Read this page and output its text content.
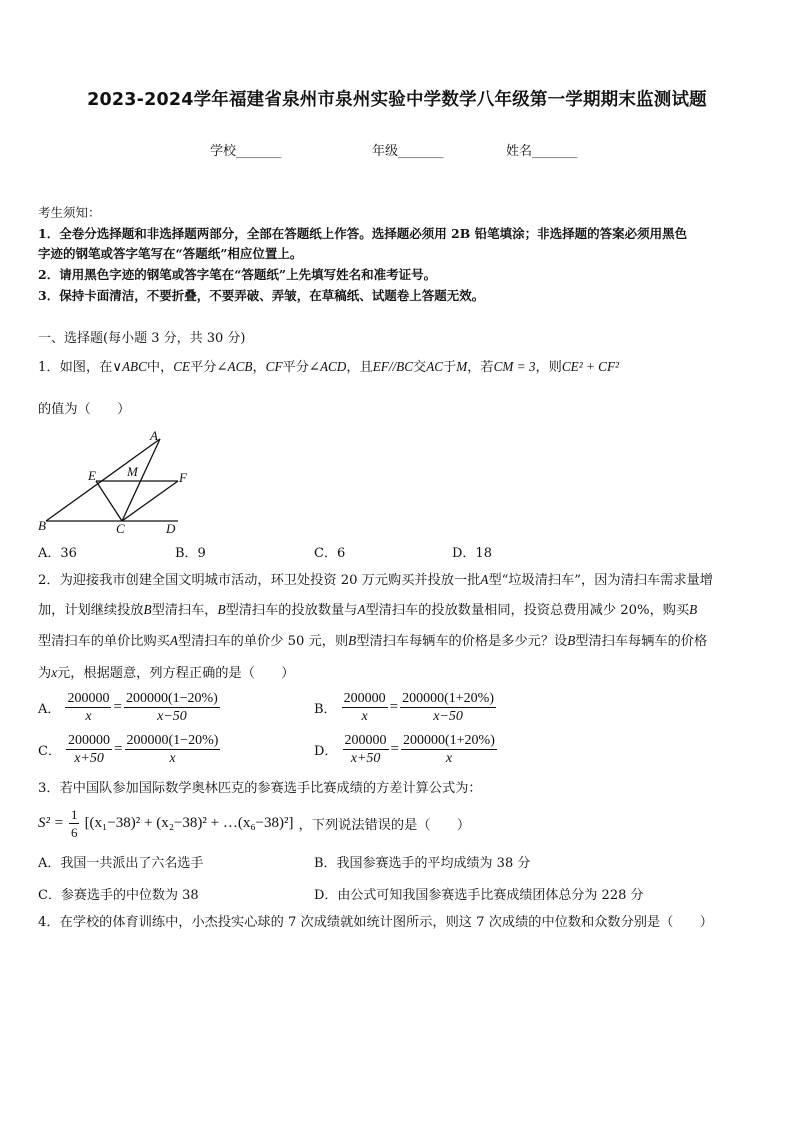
2023-2024学年福建省泉州市泉州实验中学数学八年级第一学期期末监测试题
学校_______	年级_______	姓名_______
考生须知：
1．全卷分选择题和非选择题两部分，全部在答题纸上作答。选择题必须用 2B 铅笔填涂；非选择题的答案必须用黑色
字迹的钢笔或答字笔写在“答题纸”相应位置上。
2．请用黑色字迹的钢笔或答字笔在“答题纸”上先填写姓名和准考证号。
3．保持卡面清洁，不要折叠，不要弄破、弄皱，在草稿纸、试题卷上答题无效。
一、选择题(每小题 3 分，共 30 分)
1．如图，在∨ABC中，CE平分∠ACB，CF平分∠ACD，且EF//BC交AC于M，若CM = 3，则CE² + CF²
的值为（　　）
A
E M	F
B	C	D
A．36	B．9	C．6	D．18
2．为迎接我市创建全国文明城市活动，环卫处投资 20 万元购买并投放一批A型“垃圾清扫车”，因为清扫车需求量增
加，计划继续投放B型清扫车，B型清扫车的投放数量与A型清扫车的投放数量相同，投资总费用减少 20%，购买B
型清扫车的单价比购买A型清扫车的单价少 50 元，则B型清扫车每辆车的价格是多少元？设B型清扫车每辆车的价格
为x元，根据题意，列方程正确的是（　　）
A． $\frac{200000}{x} = \frac{200000(1-20\%)}{x-50}$	B． $\frac{200000}{x} = \frac{200000(1+20\%)}{x-50}$
C． $\frac{200000}{x+50} = \frac{200000(1-20\%)}{x}$	D． $\frac{200000}{x+50} = \frac{200000(1+20\%)}{x}$
3．若中国队参加国际数学奥林匹克的参赛选手比赛成绩的方差计算公式为：
$S^2 = \frac{1}{6} [(x_1-38)^2 + (x_2-38)^2$ + …(x₆−38)²] ，下列说法错误的是（　　）
A．我国一共派出了六名选手	B．我国参赛选手的平均成绩为 38 分
C．参赛选手的中位数为 38	D．由公式可知我国参赛选手比赛成绩团体总分为 228 分
4．在学校的体育训练中，小杰投实心球的 7 次成绩就如统计图所示，则这 7 次成绩的中位数和众数分别是（　　）
